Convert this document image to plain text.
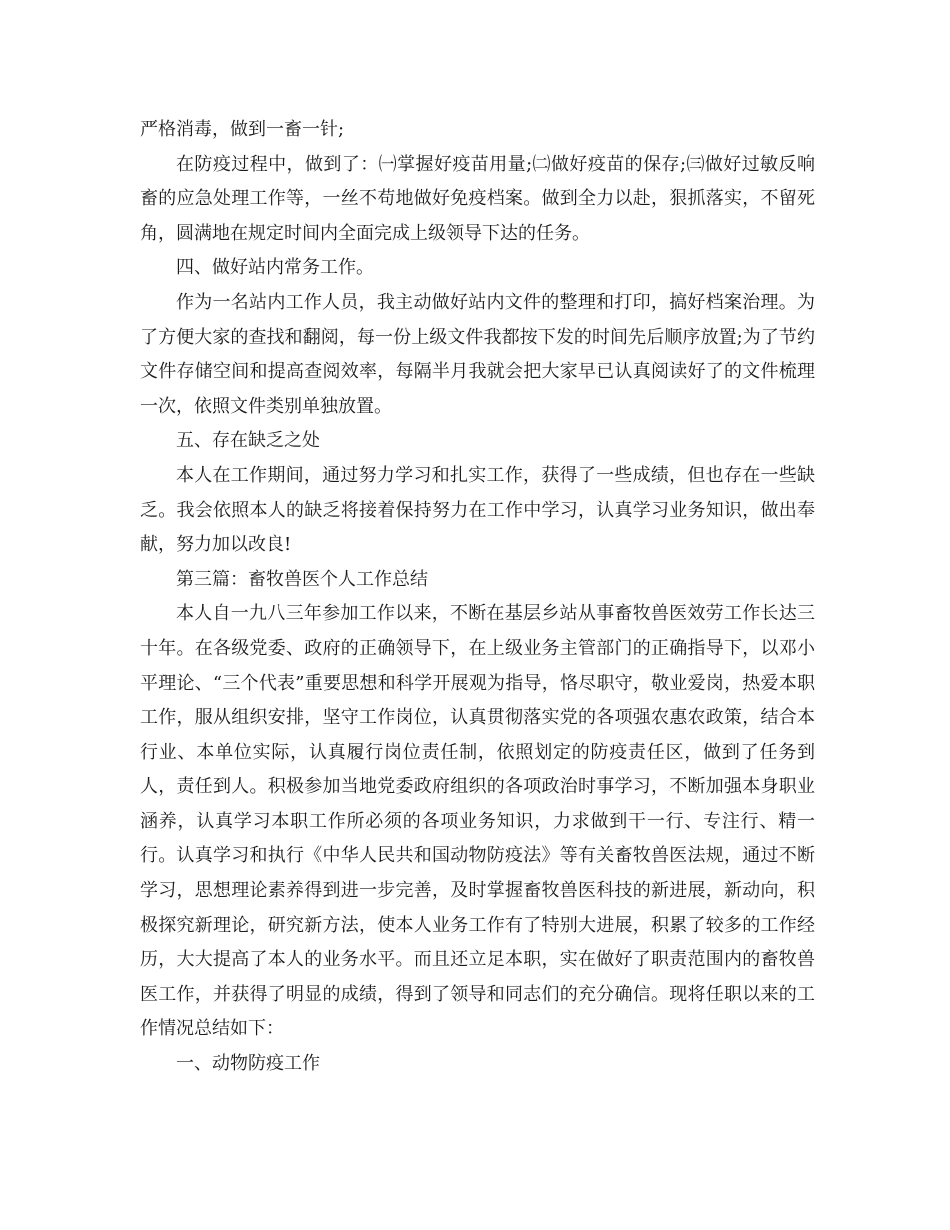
严格消毒，做到一畜一针;

在防疫过程中，做到了：㈠掌握好疫苗用量;㈡做好疫苗的保存;㈢做好过敏反响畜的应急处理工作等，一丝不苟地做好免疫档案。做到全力以赴，狠抓落实，不留死角，圆满地在规定时间内全面完成上级领导下达的任务。

四、做好站内常务工作。

作为一名站内工作人员，我主动做好站内文件的整理和打印，搞好档案治理。为了方便大家的查找和翻阅，每一份上级文件我都按下发的时间先后顺序放置;为了节约文件存储空间和提高查阅效率，每隔半月我就会把大家早已认真阅读好了的文件梳理一次，依照文件类别单独放置。

五、存在缺乏之处

本人在工作期间，通过努力学习和扎实工作，获得了一些成绩，但也存在一些缺乏。我会依照本人的缺乏将接着保持努力在工作中学习，认真学习业务知识，做出奉献，努力加以改良!

第三篇：畜牧兽医个人工作总结

本人自一九八三年参加工作以来，不断在基层乡站从事畜牧兽医效劳工作长达三十年。在各级党委、政府的正确领导下，在上级业务主管部门的正确指导下，以邓小平理论、“三个代表”重要思想和科学开展观为指导，恪尽职守，敬业爱岗，热爱本职工作，服从组织安排，坚守工作岗位，认真贯彻落实党的各项强农惠农政策，结合本行业、本单位实际，认真履行岗位责任制，依照划定的防疫责任区，做到了任务到人，责任到人。积极参加当地党委政府组织的各项政治时事学习，不断加强本身职业涵养，认真学习本职工作所必须的各项业务知识，力求做到干一行、专注行、精一行。认真学习和执行《中华人民共和国动物防疫法》等有关畜牧兽医法规，通过不断学习，思想理论素养得到进一步完善，及时掌握畜牧兽医科技的新进展，新动向，积极探究新理论，研究新方法，使本人业务工作有了特别大进展，积累了较多的工作经历，大大提高了本人的业务水平。而且还立足本职，实在做好了职责范围内的畜牧兽医工作，并获得了明显的成绩，得到了领导和同志们的充分确信。现将任职以来的工作情况总结如下：

一、动物防疫工作
